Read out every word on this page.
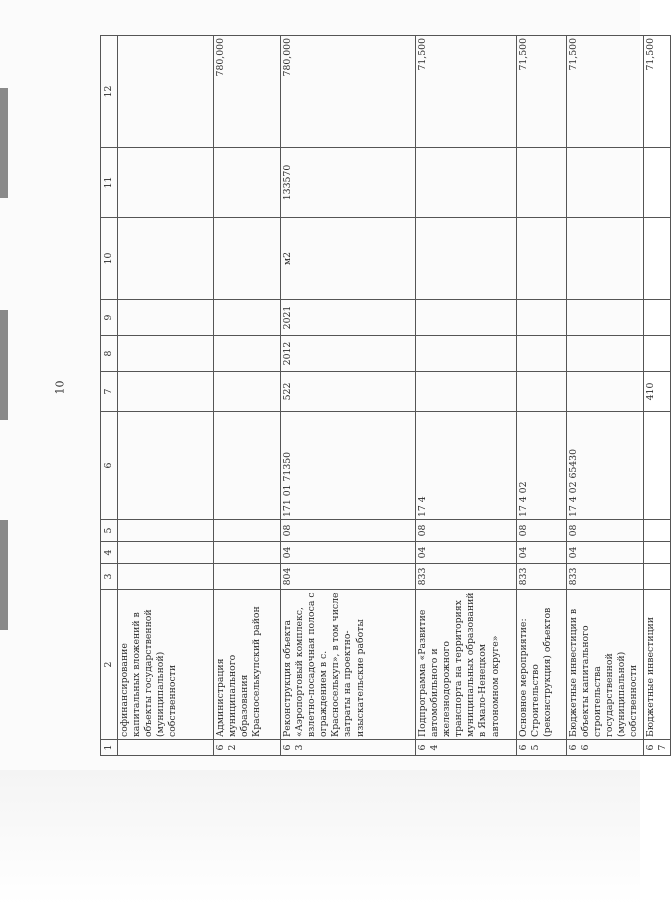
10
1	2	3	4	5	6	7	8	9	10	11	12
	софинансирование капитальных вложений в объекты государственной (муниципальной) собственности										
62	Администрация муниципального образования Красноселькупский район										780,000
63	Реконструкция объекта «Аэропортовый комплекс, взлетно-посадочная полоса с ограждением в с. Красноселькуп», в том числе затраты на проектно-изыскательские работы	804	04	08	171 01 71350	522	2012	2021	м2	133570	780,000
64	Подпрограмма «Развитие автомобильного и железнодорожного транспорта на территориях муниципальных образований в Ямало-Ненецком автономном округе»	833	04	08	17 4						71,500
65	Основное мероприятие: Строительство (реконструкция) объектов	833	04	08	17 4 02						71,500
66	Бюджетные инвестиции в объекты капитального строительства государственной (муниципальной) собственности	833	04	08	17 4 02 65430						71,500
67	Бюджетные инвестиции					410					71,500
